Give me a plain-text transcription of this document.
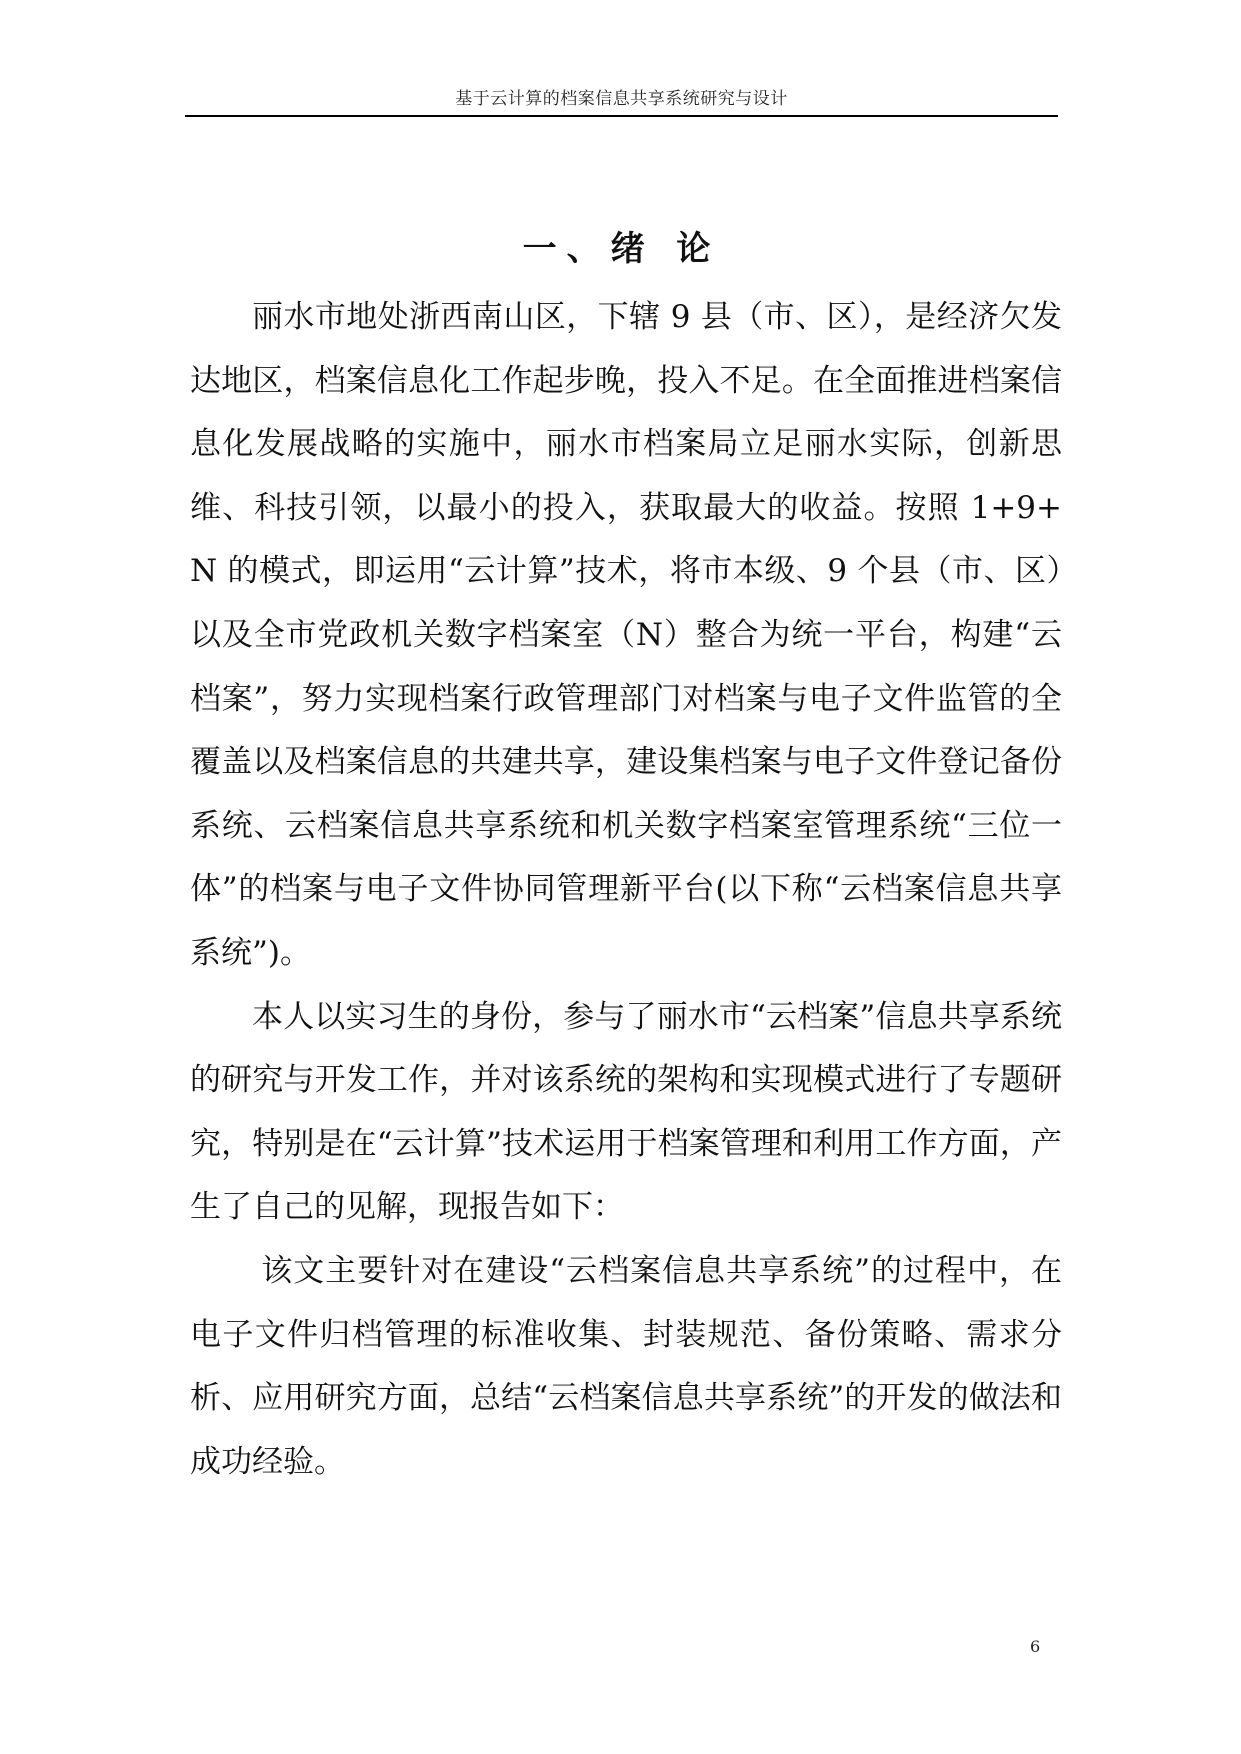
基于云计算的档案信息共享系统研究与设计
一、绪 论

丽水市地处浙西南山区，下辖 9 县（市、区），是经济欠发达地区，档案信息化工作起步晚，投入不足。在全面推进档案信息化发展战略的实施中，丽水市档案局立足丽水实际，创新思维、科技引领，以最小的投入，获取最大的收益。按照 1+9+N 的模式，即运用“云计算”技术，将市本级、9 个县（市、区）以及全市党政机关数字档案室（N）整合为统一平台，构建“云档案”，努力实现档案行政管理部门对档案与电子文件监管的全覆盖以及档案信息的共建共享，建设集档案与电子文件登记备份系统、云档案信息共享系统和机关数字档案室管理系统“三位一体”的档案与电子文件协同管理新平台(以下称“云档案信息共享系统”)。

本人以实习生的身份，参与了丽水市“云档案”信息共享系统的研究与开发工作，并对该系统的架构和实现模式进行了专题研究，特别是在“云计算”技术运用于档案管理和利用工作方面，产生了自己的见解，现报告如下：

该文主要针对在建设“云档案信息共享系统”的过程中，在电子文件归档管理的标准收集、封装规范、备份策略、需求分析、应用研究方面，总结“云档案信息共享系统”的开发的做法和成功经验。

6
